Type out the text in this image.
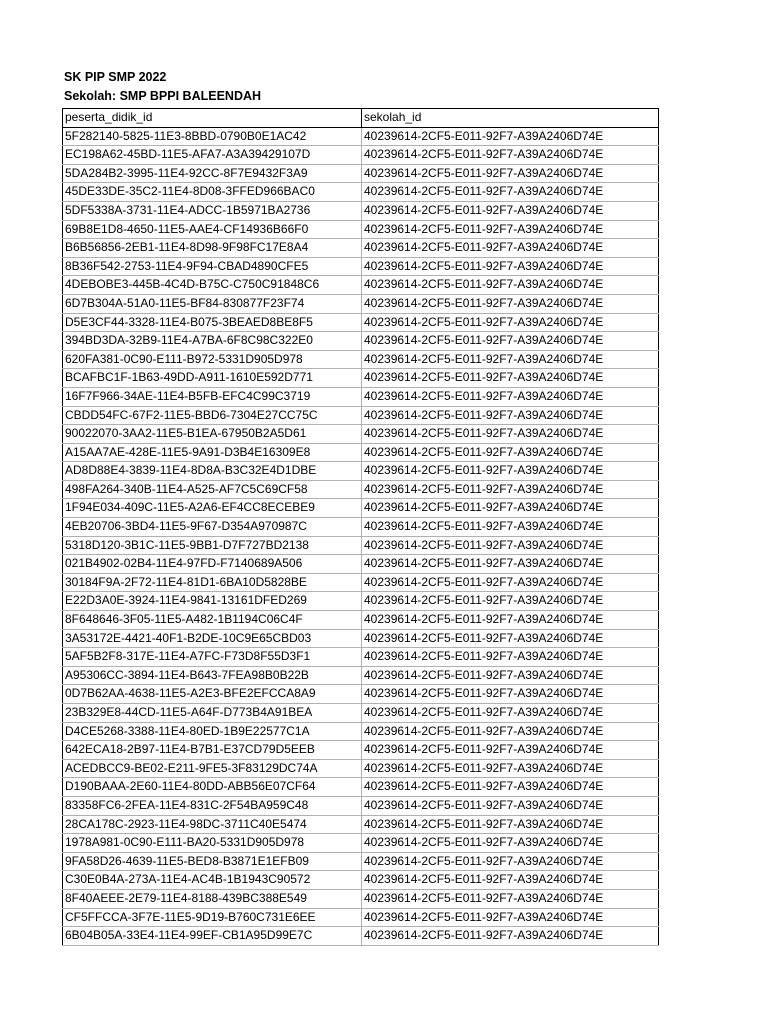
SK PIP SMP 2022
Sekolah: SMP BPPI BALEENDAH
peserta_didik_id	sekolah_id
5F282140-5825-11E3-8BBD-0790B0E1AC42	40239614-2CF5-E011-92F7-A39A2406D74E
EC198A62-45BD-11E5-AFA7-A3A39429107D	40239614-2CF5-E011-92F7-A39A2406D74E
5DA284B2-3995-11E4-92CC-8F7E9432F3A9	40239614-2CF5-E011-92F7-A39A2406D74E
45DE33DE-35C2-11E4-8D08-3FFED966BAC0	40239614-2CF5-E011-92F7-A39A2406D74E
5DF5338A-3731-11E4-ADCC-1B5971BA2736	40239614-2CF5-E011-92F7-A39A2406D74E
69B8E1D8-4650-11E5-AAE4-CF14936B66F0	40239614-2CF5-E011-92F7-A39A2406D74E
B6B56856-2EB1-11E4-8D98-9F98FC17E8A4	40239614-2CF5-E011-92F7-A39A2406D74E
8B36F542-2753-11E4-9F94-CBAD4890CFE5	40239614-2CF5-E011-92F7-A39A2406D74E
4DEBOBE3-445B-4C4D-B75C-C750C91848C6	40239614-2CF5-E011-92F7-A39A2406D74E
6D7B304A-51A0-11E5-BF84-830877F23F74	40239614-2CF5-E011-92F7-A39A2406D74E
D5E3CF44-3328-11E4-B075-3BEAED8BE8F5	40239614-2CF5-E011-92F7-A39A2406D74E
394BD3DA-32B9-11E4-A7BA-6F8C98C322E0	40239614-2CF5-E011-92F7-A39A2406D74E
620FA381-0C90-E111-B972-5331D905D978	40239614-2CF5-E011-92F7-A39A2406D74E
BCAFBC1F-1B63-49DD-A911-1610E592D771	40239614-2CF5-E011-92F7-A39A2406D74E
16F7F966-34AE-11E4-B5FB-EFC4C99C3719	40239614-2CF5-E011-92F7-A39A2406D74E
CBDD54FC-67F2-11E5-BBD6-7304E27CC75C	40239614-2CF5-E011-92F7-A39A2406D74E
90022070-3AA2-11E5-B1EA-67950B2A5D61	40239614-2CF5-E011-92F7-A39A2406D74E
A15AA7AE-428E-11E5-9A91-D3B4E16309E8	40239614-2CF5-E011-92F7-A39A2406D74E
AD8D88E4-3839-11E4-8D8A-B3C32E4D1DBE	40239614-2CF5-E011-92F7-A39A2406D74E
498FA264-340B-11E4-A525-AF7C5C69CF58	40239614-2CF5-E011-92F7-A39A2406D74E
1F94E034-409C-11E5-A2A6-EF4CC8ECEBE9	40239614-2CF5-E011-92F7-A39A2406D74E
4EB20706-3BD4-11E5-9F67-D354A970987C	40239614-2CF5-E011-92F7-A39A2406D74E
5318D120-3B1C-11E5-9BB1-D7F727BD2138	40239614-2CF5-E011-92F7-A39A2406D74E
021B4902-02B4-11E4-97FD-F7140689A506	40239614-2CF5-E011-92F7-A39A2406D74E
30184F9A-2F72-11E4-81D1-6BA10D5828BE	40239614-2CF5-E011-92F7-A39A2406D74E
E22D3A0E-3924-11E4-9841-13161DFED269	40239614-2CF5-E011-92F7-A39A2406D74E
8F648646-3F05-11E5-A482-1B1194C06C4F	40239614-2CF5-E011-92F7-A39A2406D74E
3A53172E-4421-40F1-B2DE-10C9E65CBD03	40239614-2CF5-E011-92F7-A39A2406D74E
5AF5B2F8-317E-11E4-A7FC-F73D8F55D3F1	40239614-2CF5-E011-92F7-A39A2406D74E
A95306CC-3894-11E4-B643-7FEA98B0B22B	40239614-2CF5-E011-92F7-A39A2406D74E
0D7B62AA-4638-11E5-A2E3-BFE2EFCCA8A9	40239614-2CF5-E011-92F7-A39A2406D74E
23B329E8-44CD-11E5-A64F-D773B4A91BEA	40239614-2CF5-E011-92F7-A39A2406D74E
D4CE5268-3388-11E4-80ED-1B9E22577C1A	40239614-2CF5-E011-92F7-A39A2406D74E
642ECA18-2B97-11E4-B7B1-E37CD79D5EEB	40239614-2CF5-E011-92F7-A39A2406D74E
ACEDBCC9-BE02-E211-9FE5-3F83129DC74A	40239614-2CF5-E011-92F7-A39A2406D74E
D190BAAA-2E60-11E4-80DD-ABB56E07CF64	40239614-2CF5-E011-92F7-A39A2406D74E
83358FC6-2FEA-11E4-831C-2F54BA959C48	40239614-2CF5-E011-92F7-A39A2406D74E
28CA178C-2923-11E4-98DC-3711C40E5474	40239614-2CF5-E011-92F7-A39A2406D74E
1978A981-0C90-E111-BA20-5331D905D978	40239614-2CF5-E011-92F7-A39A2406D74E
9FA58D26-4639-11E5-BED8-B3871E1EFB09	40239614-2CF5-E011-92F7-A39A2406D74E
C30E0B4A-273A-11E4-AC4B-1B1943C90572	40239614-2CF5-E011-92F7-A39A2406D74E
8F40AEEE-2E79-11E4-8188-439BC388E549	40239614-2CF5-E011-92F7-A39A2406D74E
CF5FFCCA-3F7E-11E5-9D19-B760C731E6EE	40239614-2CF5-E011-92F7-A39A2406D74E
6B04B05A-33E4-11E4-99EF-CB1A95D99E7C	40239614-2CF5-E011-92F7-A39A2406D74E
